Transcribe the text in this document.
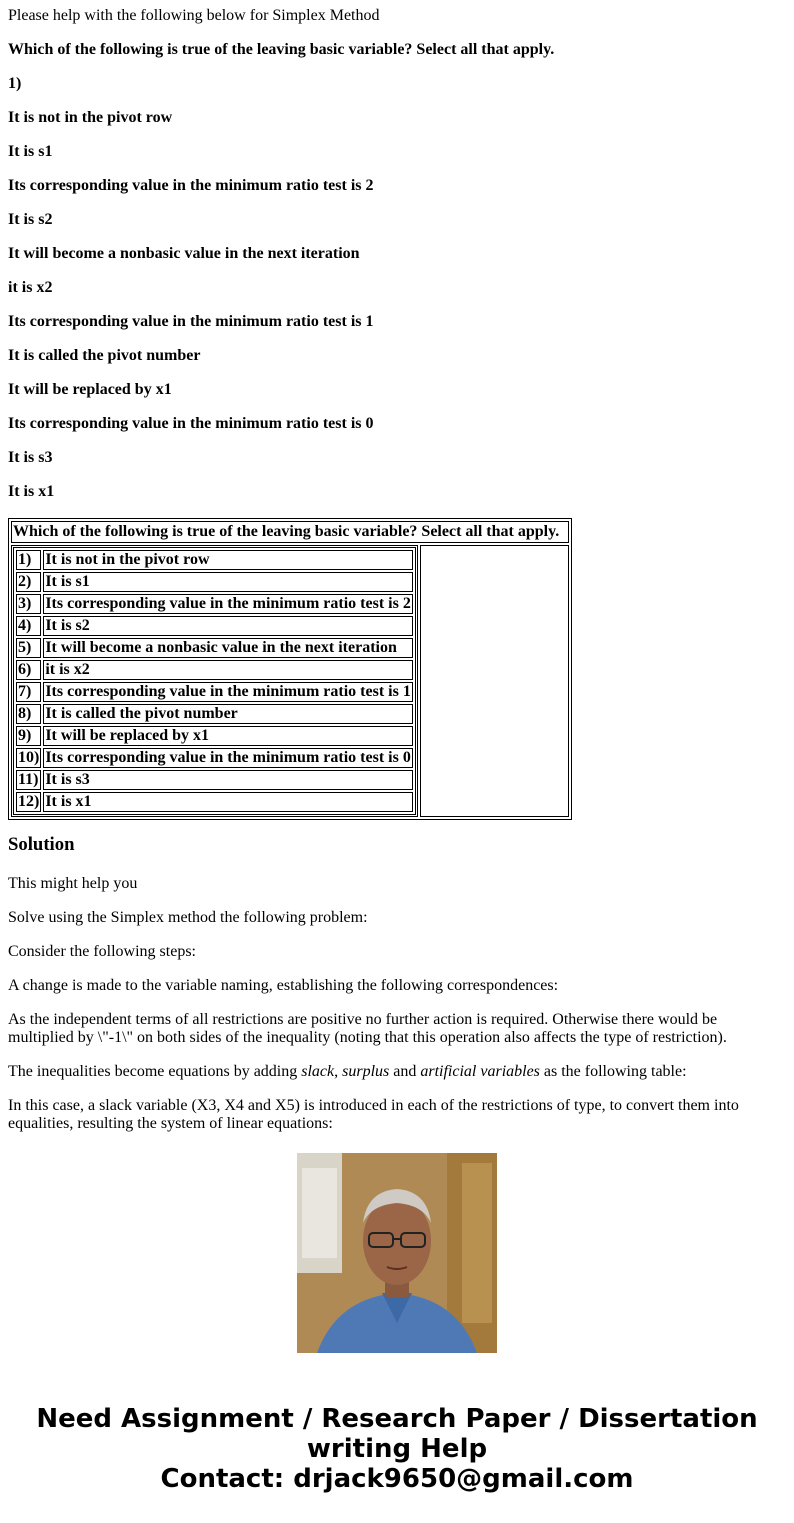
Please help with the following below for Simplex Method

Which of the following is true of the leaving basic variable? Select all that apply.

1)

It is not in the pivot row

It is s1

Its corresponding value in the minimum ratio test is 2

It is s2

It will become a nonbasic value in the next iteration

it is x2

Its corresponding value in the minimum ratio test is 1

It is called the pivot number

It will be replaced by x1

Its corresponding value in the minimum ratio test is 0

It is s3

It is x1

Which of the following is true of the leaving basic variable? Select all that apply.

1)	It is not in the pivot row
2)	It is s1
3)	Its corresponding value in the minimum ratio test is 2
4)	It is s2
5)	It will become a nonbasic value in the next iteration
6)	it is x2
7)	Its corresponding value in the minimum ratio test is 1
8)	It is called the pivot number
9)	It will be replaced by x1
10)	Its corresponding value in the minimum ratio test is 0
11)	It is s3
12)	It is x1

Solution

This might help you

Solve using the Simplex method the following problem:

Consider the following steps:

A change is made to the variable naming, establishing the following correspondences:

As the independent terms of all restrictions are positive no further action is required. Otherwise there would be multiplied by \"-1\" on both sides of the inequality (noting that this operation also affects the type of restriction).

The inequalities become equations by adding slack, surplus and artificial variables as the following table:

In this case, a slack variable (X3, X4 and X5) is introduced in each of the restrictions of type, to convert them into equalities, resulting the system of linear equations:

Need Assignment / Research Paper / Dissertation
writing Help
Contact: drjack9650@gmail.com
